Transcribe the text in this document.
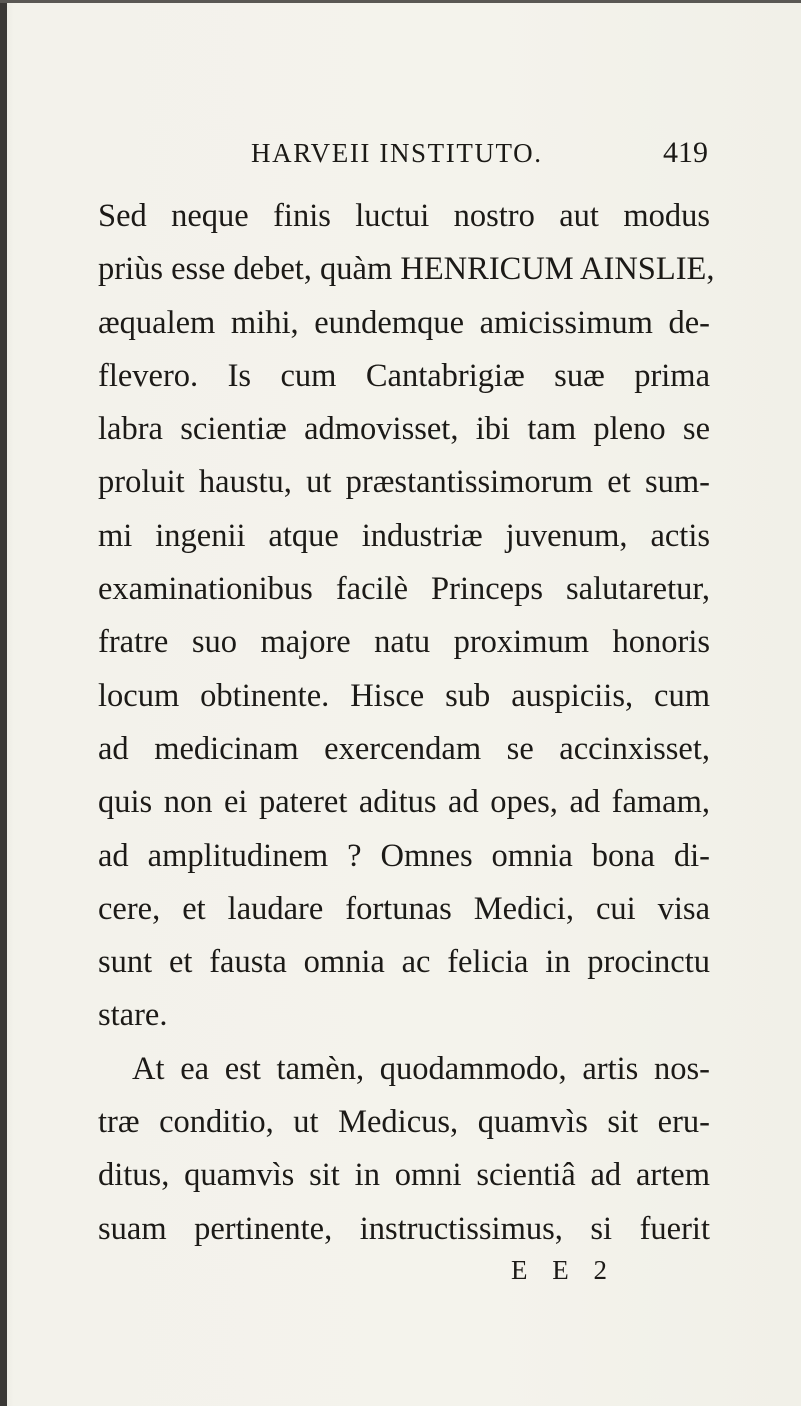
HARVEII INSTITUTO.	419
Sed neque finis luctui nostro aut modus
priùs esse debet, quàm HENRICUM AINSLIE,
æqualem mihi, eundemque amicissimum de-
flevero. Is cum Cantabrigiæ suæ prima
labra scientiæ admovisset, ibi tam pleno se
proluit haustu, ut præstantissimorum et sum-
mi ingenii atque industriæ juvenum, actis
examinationibus facilè Princeps salutaretur,
fratre suo majore natu proximum honoris
locum obtinente. Hisce sub auspiciis, cum
ad medicinam exercendam se accinxisset,
quis non ei pateret aditus ad opes, ad famam,
ad amplitudinem ? Omnes omnia bona di-
cere, et laudare fortunas Medici, cui visa
sunt et fausta omnia ac felicia in procinctu
stare.
At ea est tamèn, quodammodo, artis nos-
træ conditio, ut Medicus, quamvìs sit eru-
ditus, quamvìs sit in omni scientiâ ad artem
suam pertinente, instructissimus, si fuerit
E E 2
